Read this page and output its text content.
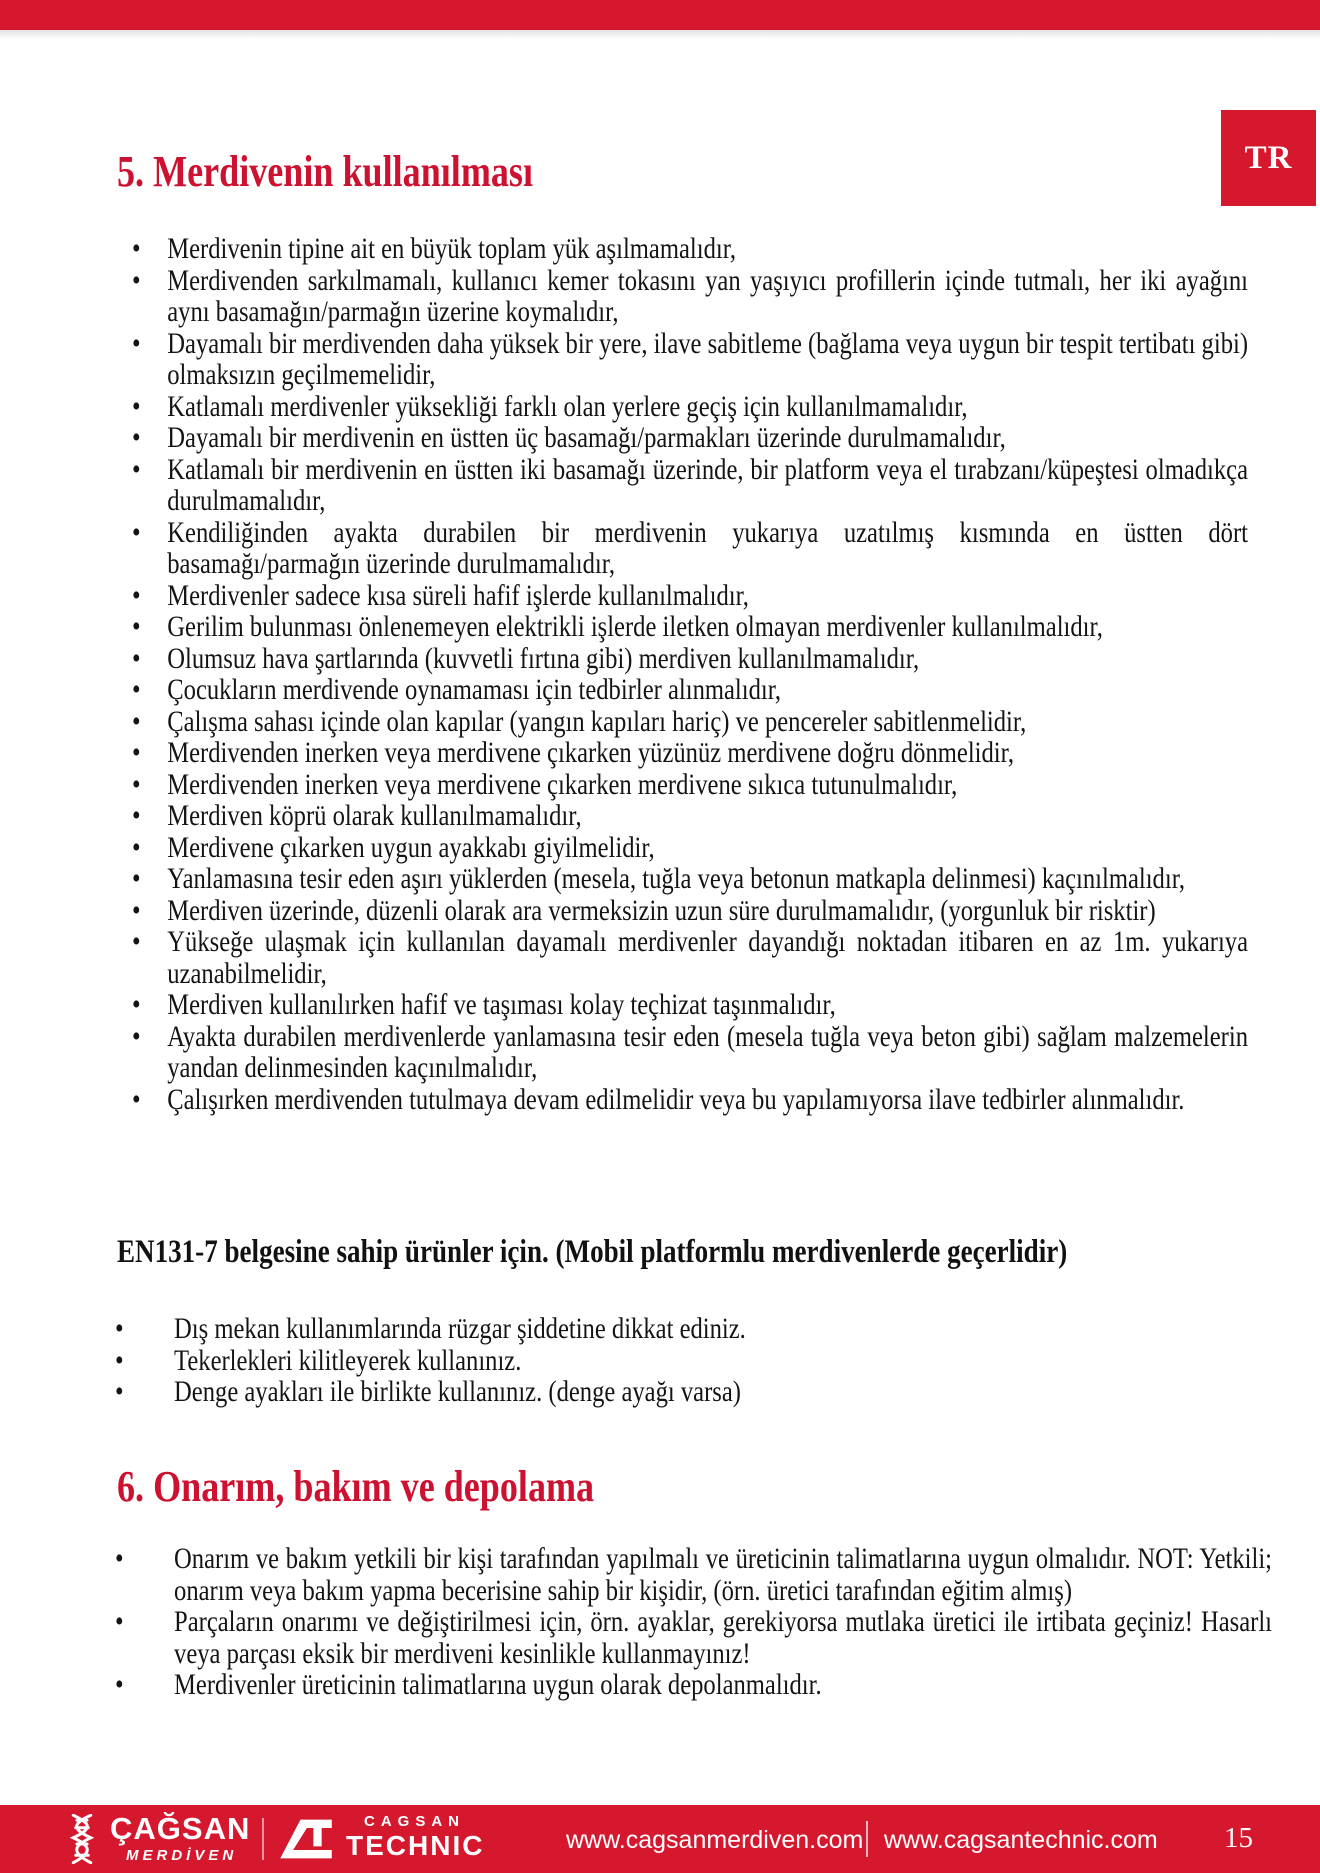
TR
5. Merdivenin kullanılması
• Merdivenin tipine ait en büyük toplam yük aşılmamalıdır,
• Merdivenden sarkılmamalı, kullanıcı kemer tokasını yan yaşıyıcı profillerin içinde tutmalı, her iki ayağını aynı basamağın/parmağın üzerine koymalıdır,
• Dayamalı bir merdivenden daha yüksek bir yere, ilave sabitleme (bağlama veya uygun bir tespit tertibatı gibi) olmaksızın geçilmemelidir,
• Katlamalı merdivenler yüksekliği farklı olan yerlere geçiş için kullanılmamalıdır,
• Dayamalı bir merdivenin en üstten üç basamağı/parmakları üzerinde durulmamalıdır,
• Katlamalı bir merdivenin en üstten iki basamağı üzerinde, bir platform veya el tırabzanı/küpeştesi olmadıkça durulmamalıdır,
• Kendiliğinden ayakta durabilen bir merdivenin yukarıya uzatılmış kısmında en üstten dört basamağı/parmağın üzerinde durulmamalıdır,
• Merdivenler sadece kısa süreli hafif işlerde kullanılmalıdır,
• Gerilim bulunması önlenemeyen elektrikli işlerde iletken olmayan merdivenler kullanılmalıdır,
• Olumsuz hava şartlarında (kuvvetli fırtına gibi) merdiven kullanılmamalıdır,
• Çocukların merdivende oynamaması için tedbirler alınmalıdır,
• Çalışma sahası içinde olan kapılar (yangın kapıları hariç) ve pencereler sabitlenmelidir,
• Merdivenden inerken veya merdivene çıkarken yüzünüz merdivene doğru dönmelidir,
• Merdivenden inerken veya merdivene çıkarken merdivene sıkıca tutunulmalıdır,
• Merdiven köprü olarak kullanılmamalıdır,
• Merdivene çıkarken uygun ayakkabı giyilmelidir,
• Yanlamasına tesir eden aşırı yüklerden (mesela, tuğla veya betonun matkapla delinmesi) kaçınılmalıdır,
• Merdiven üzerinde, düzenli olarak ara vermeksizin uzun süre durulmamalıdır, (yorgunluk bir risktir)
• Yükseğe ulaşmak için kullanılan dayamalı merdivenler dayandığı noktadan itibaren en az 1m. yukarıya uzanabilmelidir,
• Merdiven kullanılırken hafif ve taşıması kolay teçhizat taşınmalıdır,
• Ayakta durabilen merdivenlerde yanlamasına tesir eden (mesela tuğla veya beton gibi) sağlam malzemelerin yandan delinmesinden kaçınılmalıdır,
• Çalışırken merdivenden tutulmaya devam edilmelidir veya bu yapılamıyorsa ilave tedbirler alınmalıdır.
EN131-7 belgesine sahip ürünler için. (Mobil platformlu merdivenlerde geçerlidir)
• Dış mekan kullanımlarında rüzgar şiddetine dikkat ediniz.
• Tekerlekleri kilitleyerek kullanınız.
• Denge ayakları ile birlikte kullanınız. (denge ayağı varsa)
6. Onarım, bakım ve depolama
• Onarım ve bakım yetkili bir kişi tarafından yapılmalı ve üreticinin talimatlarına uygun olmalıdır. NOT: Yetkili; onarım veya bakım yapma becerisine sahip bir kişidir, (örn. üretici tarafından eğitim almış)
• Parçaların onarımı ve değiştirilmesi için, örn. ayaklar, gerekiyorsa mutlaka üretici ile irtibata geçiniz! Hasarlı veya parçası eksik bir merdiveni kesinlikle kullanmayınız!
• Merdivenler üreticinin talimatlarına uygun olarak depolanmalıdır.
ÇAĞSAN
MERDİVEN
CAGSAN
TECHNIC	www.cagsanmerdiven.com www.cagsantechnic.com 15
